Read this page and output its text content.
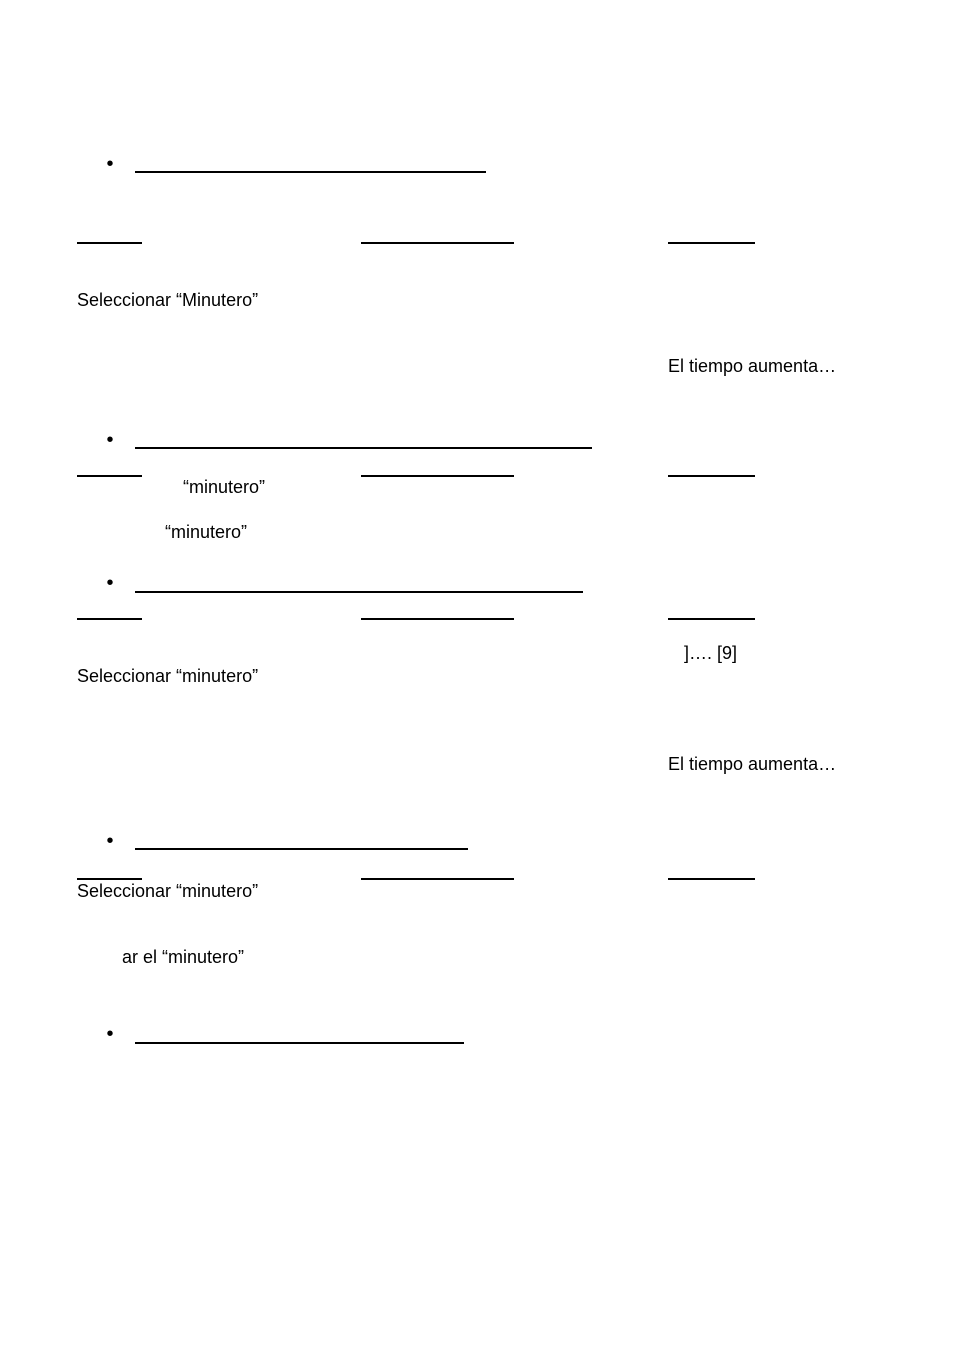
•
Seleccionar “Minutero”
El tiempo aumenta…
•
“minutero”
“minutero”
•
]…. [9]
Seleccionar “minutero”
El tiempo aumenta…
•
Seleccionar “minutero”
ar el “minutero”
•
